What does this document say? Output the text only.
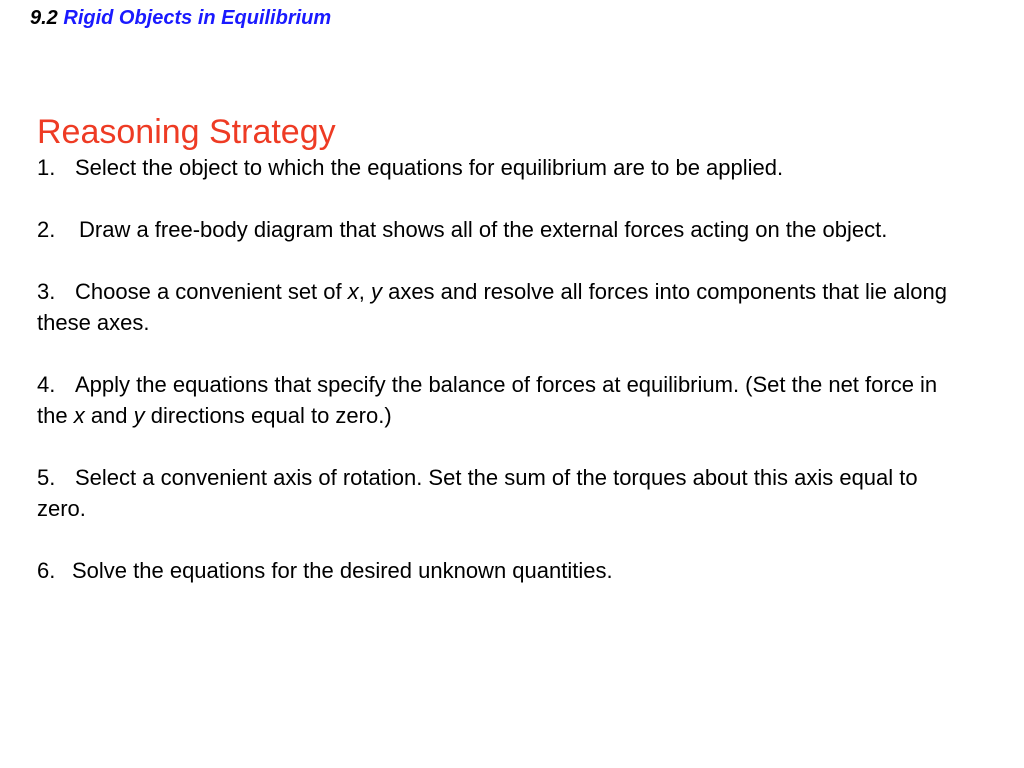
9.2 Rigid Objects in Equilibrium
Reasoning Strategy

1. Select the object to which the equations for equilibrium are to be applied.

2. Draw a free-body diagram that shows all of the external forces acting on the object.

3. Choose a convenient set of x, y axes and resolve all forces into components that lie along these axes.

4. Apply the equations that specify the balance of forces at equilibrium. (Set the net force in the x and y directions equal to zero.)

5. Select a convenient axis of rotation. Set the sum of the torques about this axis equal to zero.

6. Solve the equations for the desired unknown quantities.
